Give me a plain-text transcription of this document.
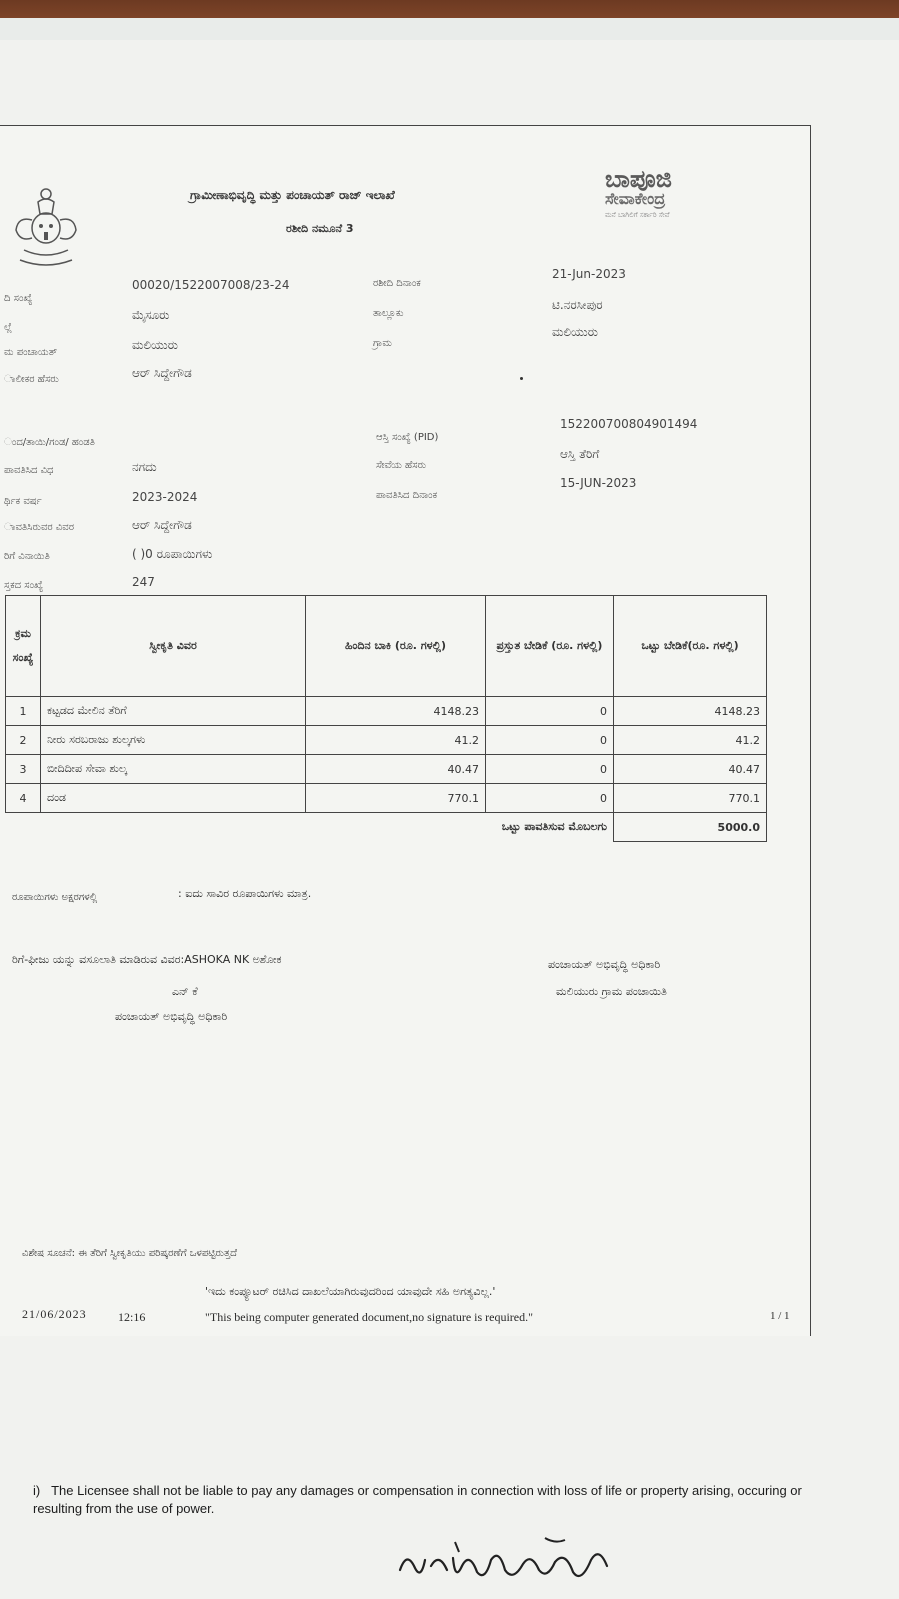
ಗ್ರಾಮೀಣಾಭಿವೃದ್ಧಿ ಮತ್ತು ಪಂಚಾಯತ್ ರಾಜ್ ಇಲಾಖೆ
ರಶೀದಿ ನಮೂನೆ 3
ಬಾಪೂಜಿ
ಸೇವಾಕೇಂದ್ರ
ಮನೆ ಬಾಗಿಲಿಗೆ ಸರ್ಕಾರಿ ಸೇವೆ
ದಿ ಸಂಖ್ಯೆ
00020/1522007008/23-24
ಲ್ಲೆ
ಮೈಸೂರು
ಮ ಪಂಚಾಯತ್
ಮಲಿಯುರು
ಾಲೀಕರ ಹೆಸರು	ಆರ್ ಸಿದ್ದೇಗೌಡ
ಂದ/ತಾಯಿ/ಗಂಡ/ ಹಂಡತಿ
ಪಾವತಿಸಿದ ವಿಧ	ನಗದು
ರ್ಥಿಕ ವರ್ಷ	2023-2024
ಾವತಿಸಿರುವರ ವಿವರ	ಆರ್ ಸಿದ್ದೇಗೌಡ
ರಿಗೆ ವಿನಾಯಿತಿ	( )0 ರೂಪಾಯಿಗಳು
ಸ್ತಕದ ಸಂಖ್ಯೆ	247
ರಶೀದಿ ದಿನಾಂಕ
21-Jun-2023
ತಾಲ್ಲೂಕು
ಟಿ.ನರಸೀಪುರ
ಗ್ರಾಮ
ಮಲಿಯುರು
ಆಸ್ತಿ ಸಂಖ್ಯೆ (PID)
152200700804901494
ಸೇವೆಯ ಹೆಸರು
ಆಸ್ತಿ ತೆರಿಗೆ
ಪಾವತಿಸಿದ ದಿನಾಂಕ
15-JUN-2023
ಕ್ರಮ ಸಂಖ್ಯೆ	ಸ್ವೀಕೃತಿ ವಿವರ	ಹಿಂದಿನ ಬಾಕಿ (ರೂ. ಗಳಲ್ಲಿ)	ಪ್ರಸ್ತುತ ಬೇಡಿಕೆ (ರೂ. ಗಳಲ್ಲಿ)	ಒಟ್ಟು ಬೇಡಿಕೆ(ರೂ. ಗಳಲ್ಲಿ)
1	ಕಟ್ಟಡದ ಮೇಲಿನ ತೆರಿಗೆ	4148.23	0	4148.23
2	ನೀರು ಸರಬರಾಜು ಶುಲ್ಕಗಳು	41.2	0	41.2
3	ಬೀದಿದೀಪ ಸೇವಾ ಶುಲ್ಕ	40.47	0	40.47
4	ದಂಡ	770.1	0	770.1
ಒಟ್ಟು ಪಾವತಿಸುವ ಮೊಬಲಗು				5000.0
ರೂಪಾಯಿಗಳು ಅಕ್ಷರಗಳಲ್ಲಿ	: ಐದು ಸಾವಿರ ರೂಪಾಯಿಗಳು ಮಾತ್ರ.
ರಿಗೆ-ಫೀಜು ಯನ್ನು ವಸೂಲಾತಿ ಮಾಡಿರುವ ವಿವರ:ASHOKA NK ಅಶೋಕ
ಎನ್ ಕೆ
ಪಂಚಾಯತ್ ಅಭಿವೃದ್ಧಿ ಅಧಿಕಾರಿ
ಪಂಚಾಯತ್ ಅಭಿವೃದ್ಧಿ ಅಧಿಕಾರಿ
ಮಲಿಯುರು ಗ್ರಾಮ ಪಂಚಾಯಿತಿ
ವಿಶೇಷ ಸೂಚನೆ: ಈ ತೆರಿಗೆ ಸ್ವೀಕೃತಿಯು ಪರಿಷ್ಕರಣೆಗೆ ಒಳಪಟ್ಟಿರುತ್ತದೆ
'ಇದು ಕಂಪ್ಯೂಟರ್ ರಚಿಸಿದ ದಾಖಲೆಯಾಗಿರುವುದರಿಂದ ಯಾವುದೇ ಸಹಿ ಅಗತ್ಯವಿಲ್ಲ.'
21/06/2023	12:16	"This being computer generated document,no signature is required."	1 / 1
i) The Licensee shall not be liable to pay any damages or compensation in connection with loss of life or property arising, occuring or resulting from the use of power.
